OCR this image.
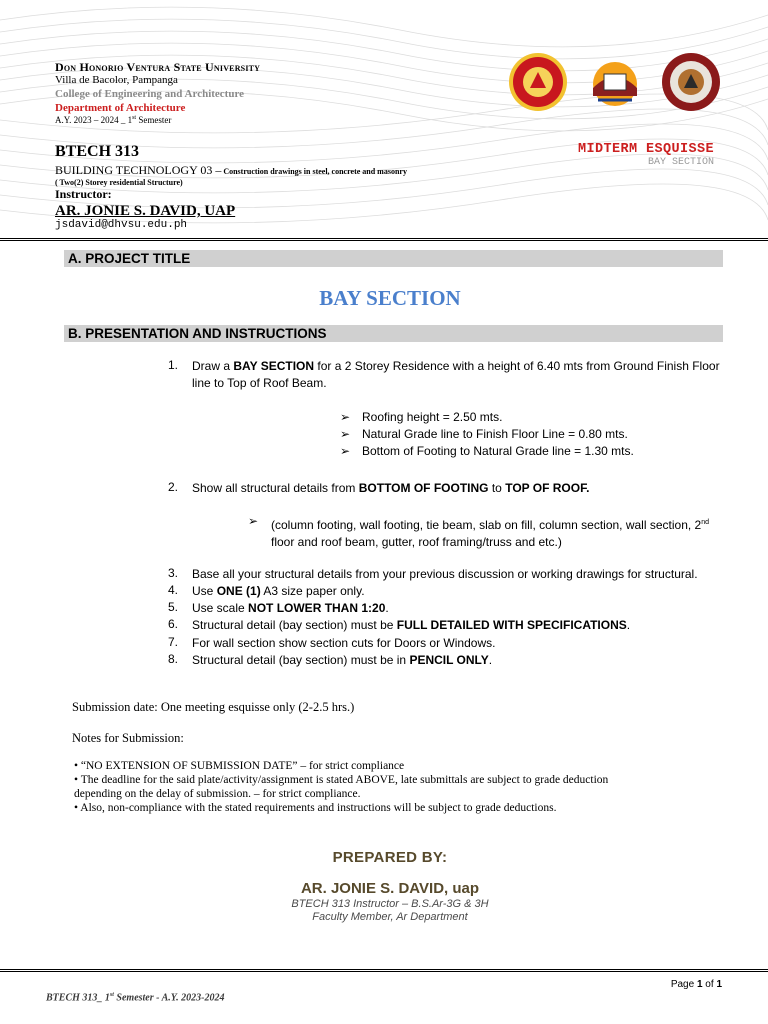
Don Honorio Ventura State University
Villa de Bacolor, Pampanga
College of Engineering and Architecture
Department of Architecture
A.Y. 2023 – 2024 _ 1st Semester
BTECH 313
BUILDING TECHNOLOGY 03 – Construction drawings in steel, concrete and masonry
( Two(2) Storey residential Structure)
Instructor:
AR. JONIE S. DAVID, UAP
jsdavid@dhvsu.edu.ph
MIDTERM ESQUISSE
BAY SECTION
A. PROJECT TITLE
BAY SECTION
B. PRESENTATION AND INSTRUCTIONS
1. Draw a BAY SECTION for a 2 Storey Residence with a height of 6.40 mts from Ground Finish Floor line to Top of Roof Beam.
➢ Roofing height = 2.50 mts.
➢ Natural Grade line to Finish Floor Line = 0.80 mts.
➢ Bottom of Footing to Natural Grade line = 1.30 mts.
2. Show all structural details from BOTTOM OF FOOTING to TOP OF ROOF.
➢ (column footing, wall footing, tie beam, slab on fill, column section, wall section, 2nd floor and roof beam, gutter, roof framing/truss and etc.)
3. Base all your structural details from your previous discussion or working drawings for structural.
4. Use ONE (1) A3 size paper only.
5. Use scale NOT LOWER THAN 1:20.
6. Structural detail (bay section) must be FULL DETAILED WITH SPECIFICATIONS.
7. For wall section show section cuts for Doors or Windows.
8. Structural detail (bay section) must be in PENCIL ONLY.
Submission date: One meeting esquisse only (2-2.5 hrs.)
Notes for Submission:
• “NO EXTENSION OF SUBMISSION DATE” – for strict compliance
• The deadline for the said plate/activity/assignment is stated ABOVE, late submittals are subject to grade deduction
depending on the delay of submission. – for strict compliance.
• Also, non-compliance with the stated requirements and instructions will be subject to grade deductions.
PREPARED BY:
AR. JONIE S. DAVID, uap
BTECH 313 Instructor – B.S.Ar-3G & 3H
Faculty Member, Ar Department
Page 1 of 1
BTECH 313_ 1st Semester - A.Y. 2023-2024
